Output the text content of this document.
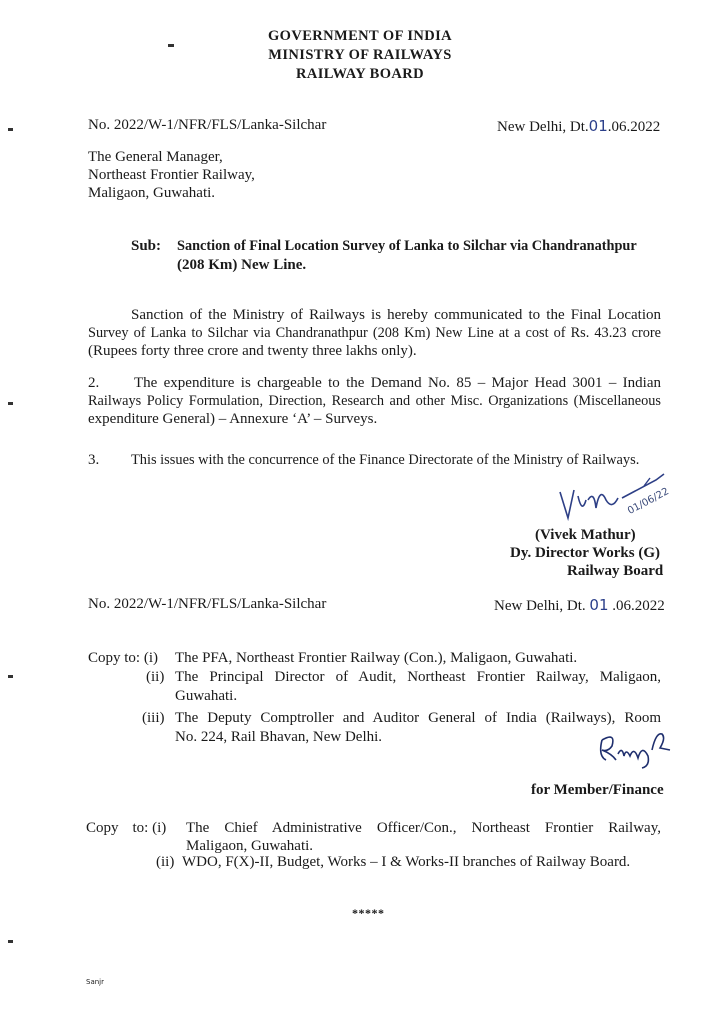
GOVERNMENT OF INDIA
MINISTRY OF RAILWAYS
RAILWAY BOARD
No. 2022/W-1/NFR/FLS/Lanka-Silchar	New Delhi, Dt.01.06.2022
The General Manager,
Northeast Frontier Railway,
Maligaon, Guwahati.
Sub: Sanction of Final Location Survey of Lanka to Silchar via Chandranathpur
(208 Km) New Line.
Sanction of the Ministry of Railways is hereby communicated to the Final Location
Survey of Lanka to Silchar via Chandranathpur (208 Km) New Line at a cost of Rs. 43.23 crore
(Rupees forty three crore and twenty three lakhs only).
2. The expenditure is chargeable to the Demand No. 85 – Major Head 3001 – Indian
Railways Policy Formulation, Direction, Research and other Misc. Organizations (Miscellaneous
expenditure General) – Annexure ‘A’ – Surveys.
3. This issues with the concurrence of the Finance Directorate of the Ministry of Railways.
01/06/22
(Vivek Mathur)
Dy. Director Works (G)
Railway Board
No. 2022/W-1/NFR/FLS/Lanka-Silchar	New Delhi, Dt. 01 .06.2022
Copy to: (i) The PFA, Northeast Frontier Railway (Con.), Maligaon, Guwahati.
(ii) The Principal Director of Audit, Northeast Frontier Railway, Maligaon,
Guwahati.
(iii) The Deputy Comptroller and Auditor General of India (Railways), Room
No. 224, Rail Bhavan, New Delhi.
for Member/Finance
Copy to: (i) The Chief Administrative Officer/Con., Northeast Frontier Railway,
Maligaon, Guwahati.
(ii) WDO, F(X)-II, Budget, Works – I & Works-II branches of Railway Board.
*****
Sanjr
